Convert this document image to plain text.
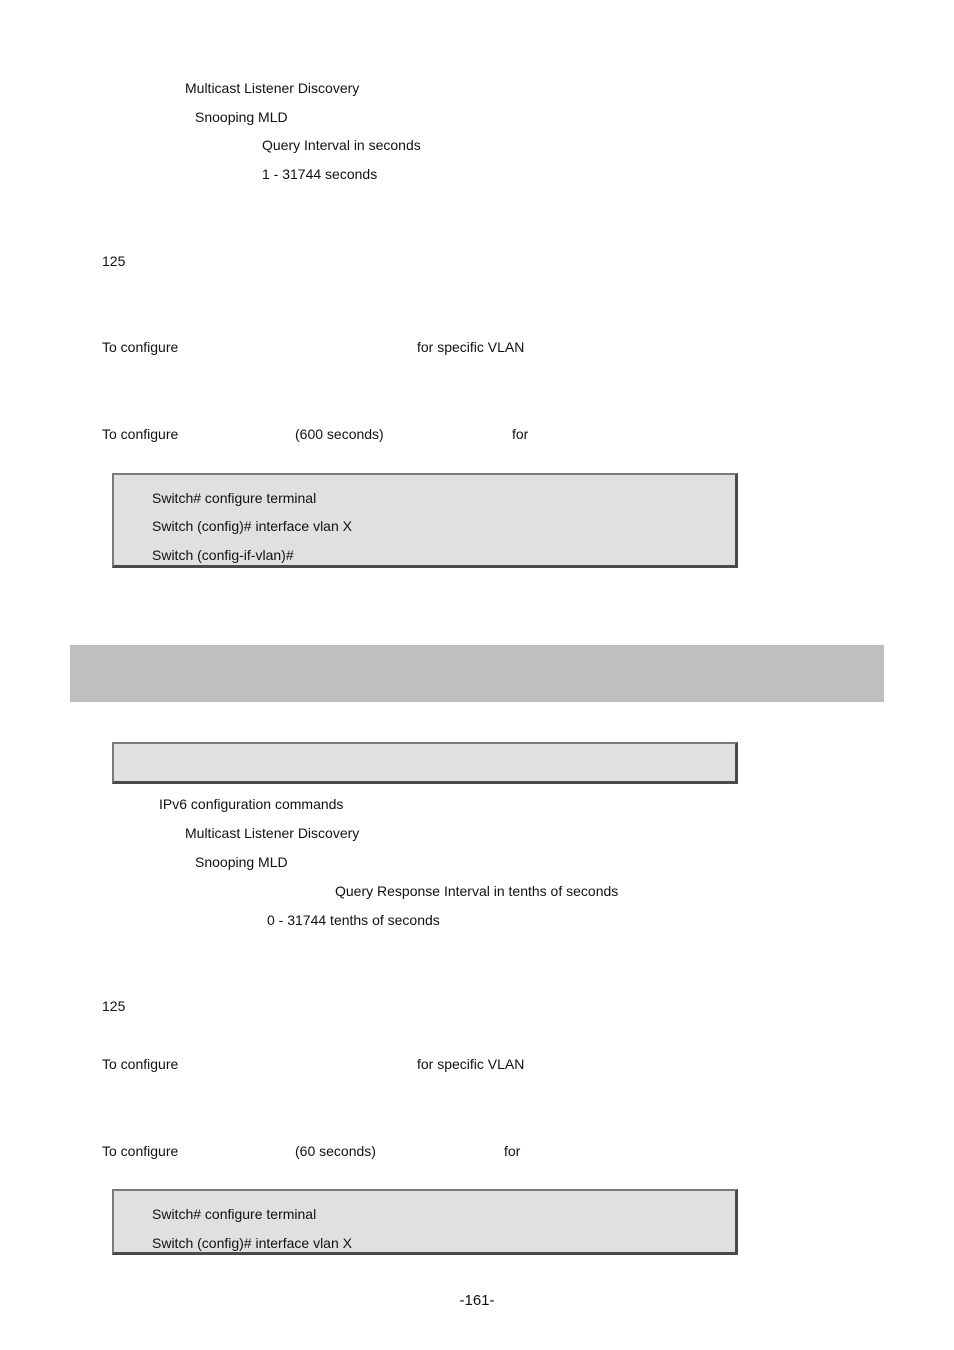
Multicast Listener Discovery
Snooping MLD
Query Interval in seconds
1 - 31744 seconds
125
To configure	for specific VLAN
To configure	(600 seconds)	for
Switch# configure terminal
Switch (config)# interface vlan X
Switch (config-if-vlan)#
IPv6 configuration commands
Multicast Listener Discovery
Snooping MLD
Query Response Interval in tenths of seconds
0 - 31744 tenths of seconds
125
To configure	for specific VLAN
To configure	(60 seconds)	for
Switch# configure terminal
Switch (config)# interface vlan X
-161-
